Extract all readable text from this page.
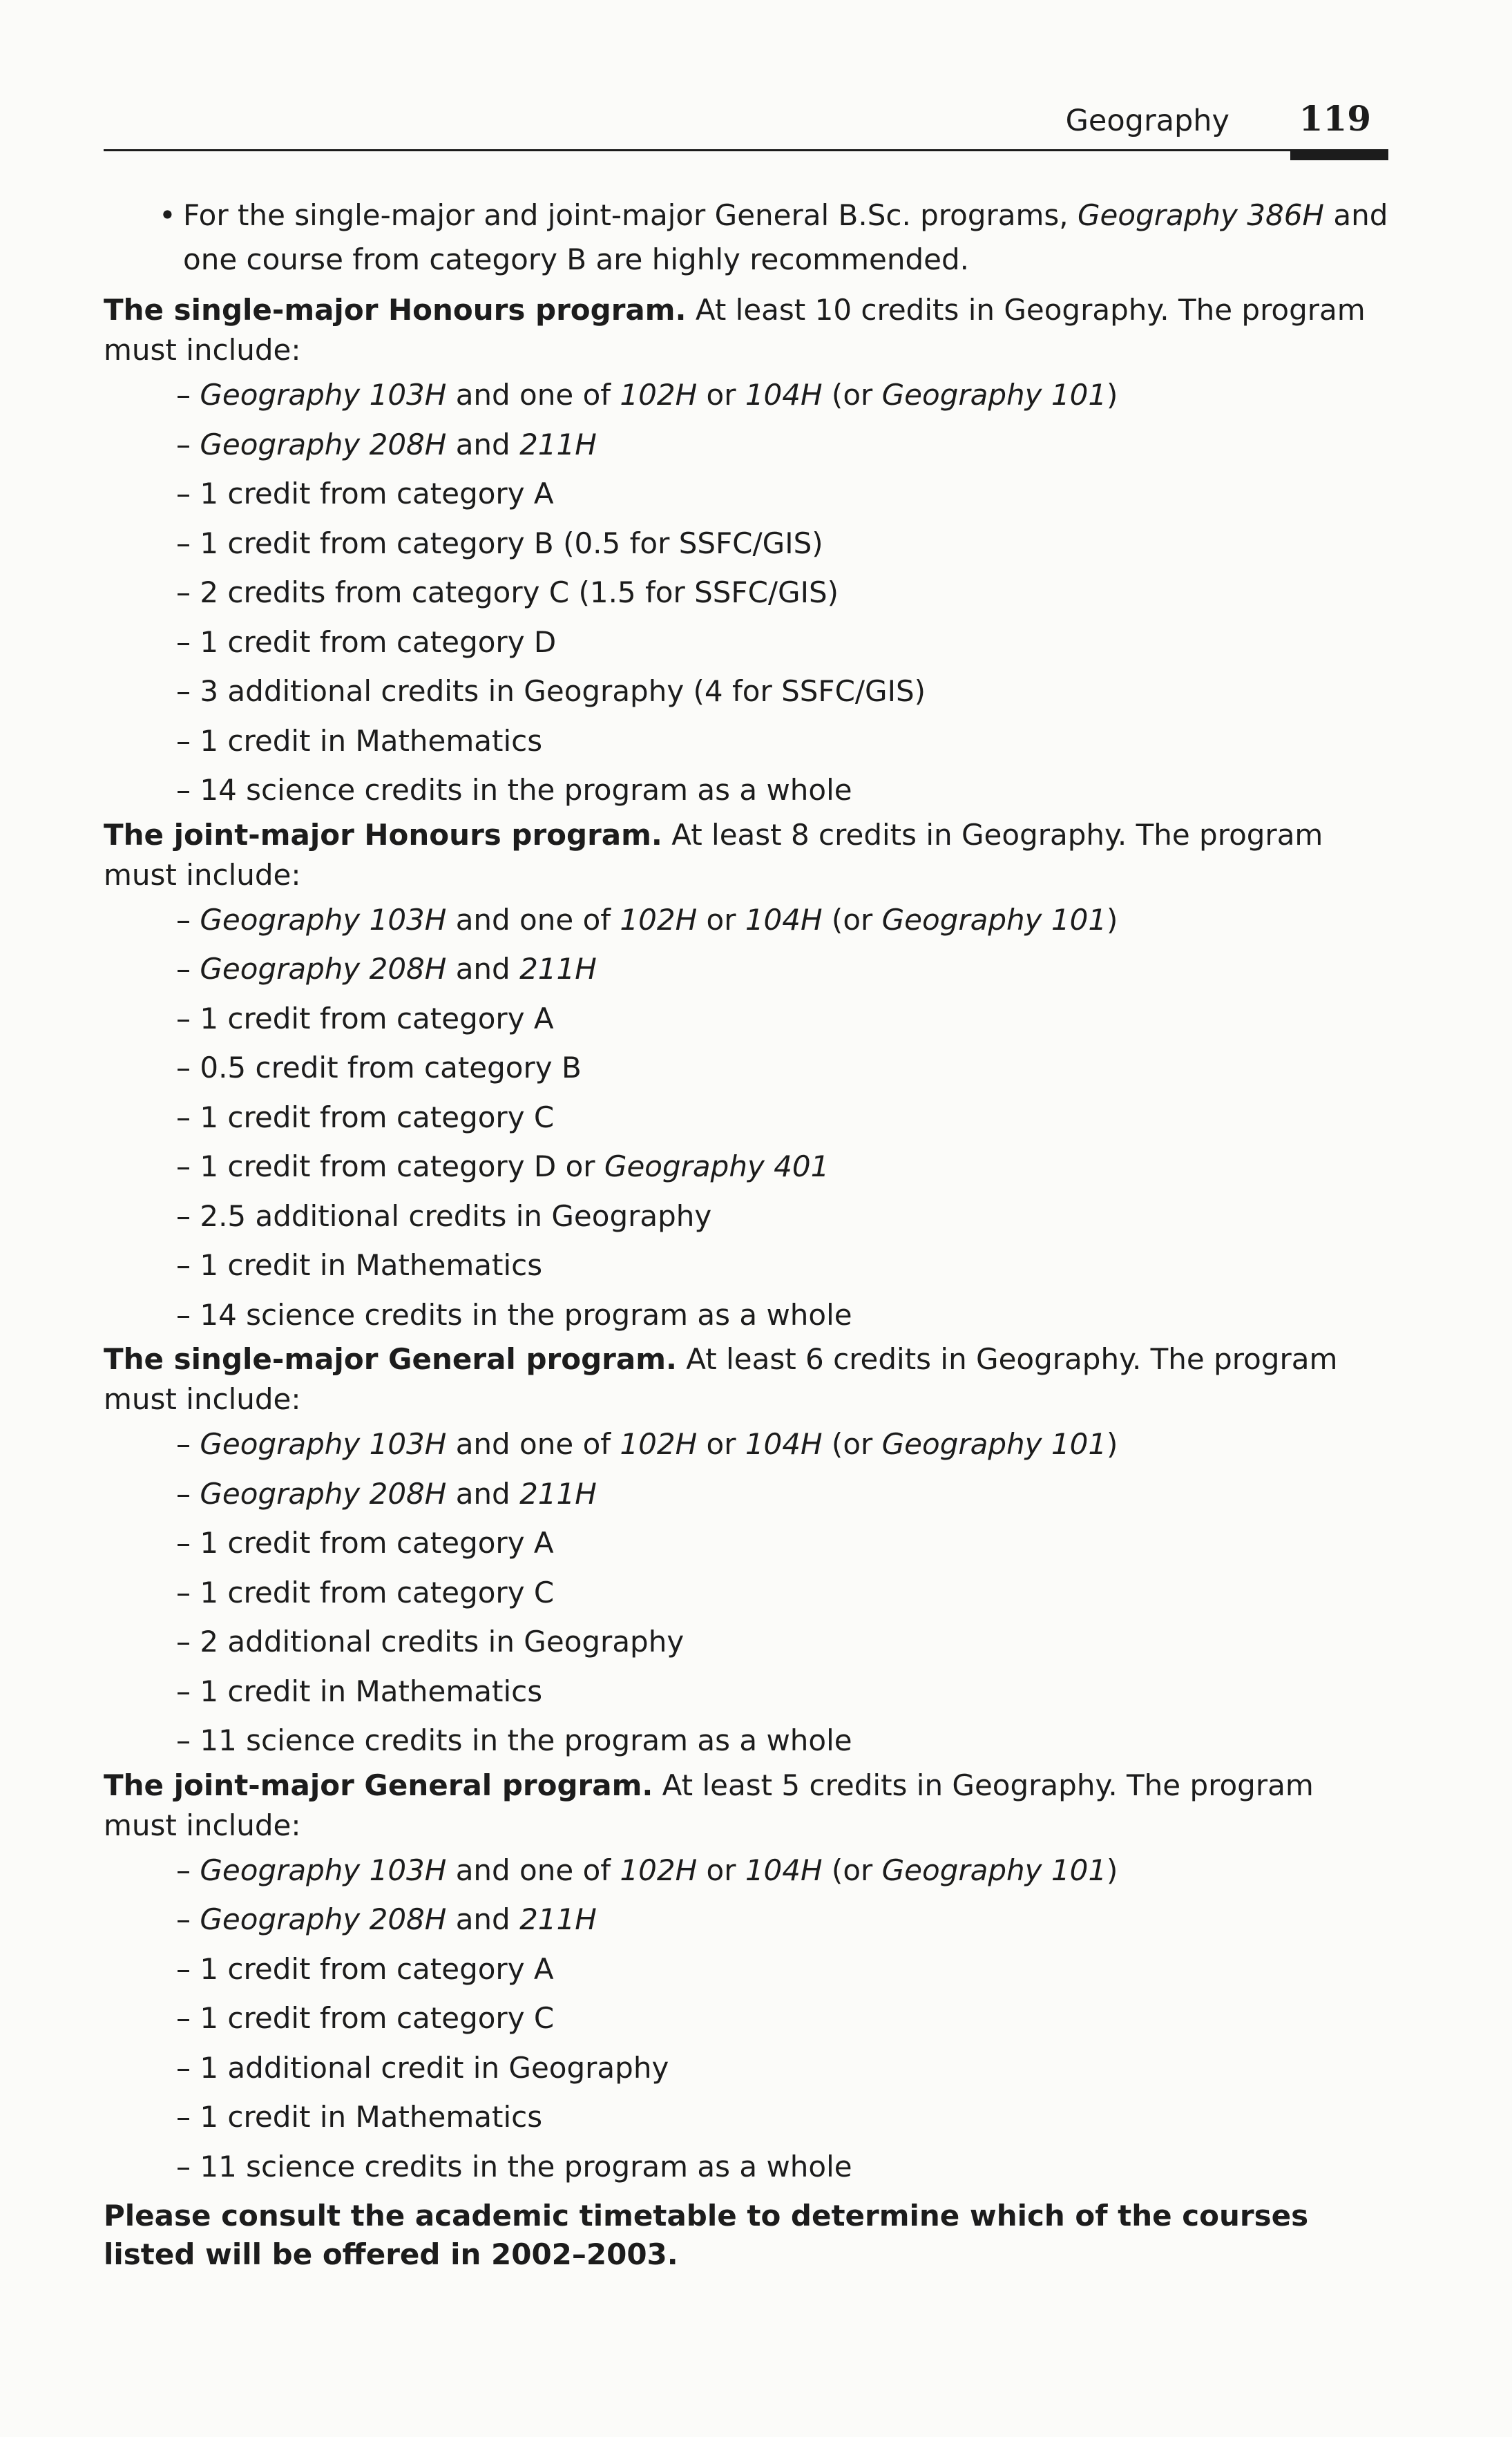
Geography 119

• For the single-major and joint-major General B.Sc. programs, Geography 386H and one course from category B are highly recommended.

The single-major Honours program. At least 10 credits in Geography. The program must include:

– Geography 103H and one of 102H or 104H (or Geography 101)

– Geography 208H and 211H

– 1 credit from category A

– 1 credit from category B (0.5 for SSFC/GIS)

– 2 credits from category C (1.5 for SSFC/GIS)

– 1 credit from category D

– 3 additional credits in Geography (4 for SSFC/GIS)

– 1 credit in Mathematics

– 14 science credits in the program as a whole

The joint-major Honours program. At least 8 credits in Geography. The program must include:

– Geography 103H and one of 102H or 104H (or Geography 101)

– Geography 208H and 211H

– 1 credit from category A

– 0.5 credit from category B

– 1 credit from category C

– 1 credit from category D or Geography 401

– 2.5 additional credits in Geography

– 1 credit in Mathematics

– 14 science credits in the program as a whole

The single-major General program. At least 6 credits in Geography. The program must include:

– Geography 103H and one of 102H or 104H (or Geography 101)

– Geography 208H and 211H

– 1 credit from category A

– 1 credit from category C

– 2 additional credits in Geography

– 1 credit in Mathematics

– 11 science credits in the program as a whole

The joint-major General program. At least 5 credits in Geography. The program must include:

– Geography 103H and one of 102H or 104H (or Geography 101)

– Geography 208H and 211H

– 1 credit from category A

– 1 credit from category C

– 1 additional credit in Geography

– 1 credit in Mathematics

– 11 science credits in the program as a whole

Please consult the academic timetable to determine which of the courses listed will be offered in 2002–2003.
